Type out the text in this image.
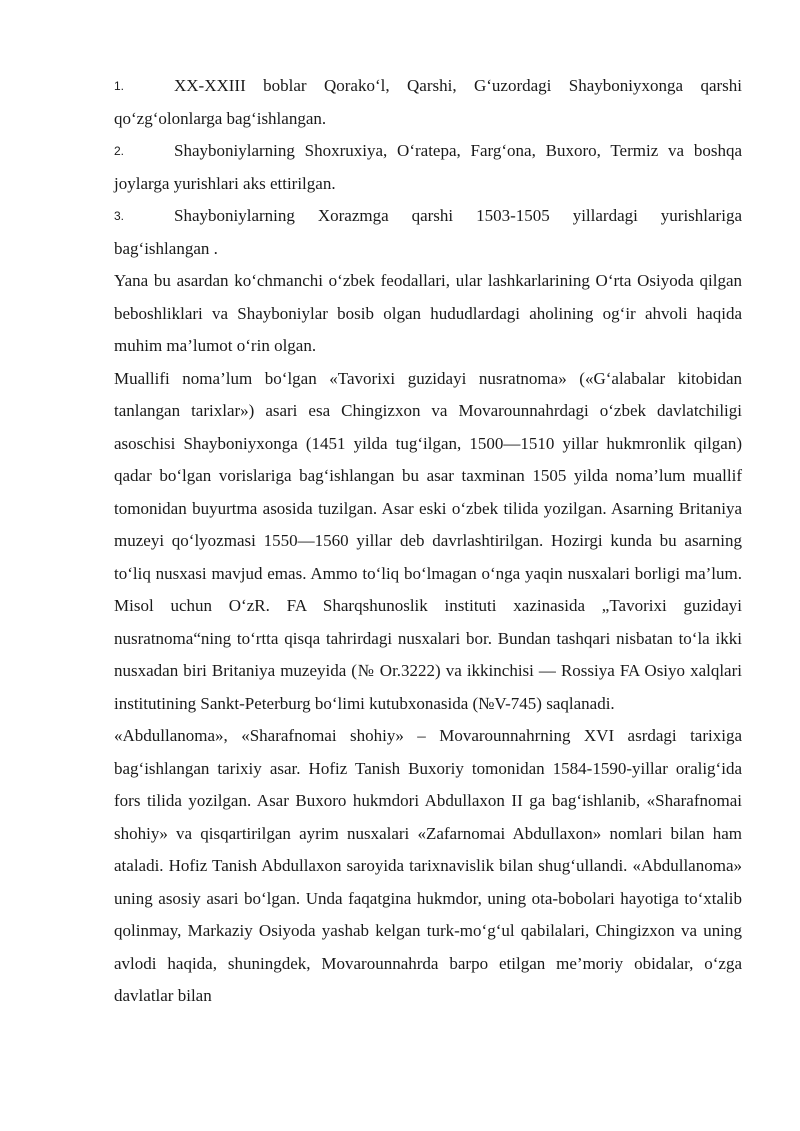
1.	XX-XXIII boblar Qorako‘l, Qarshi, G‘uzordagi Shayboniyxonga qarshi qo‘zg‘olonlarga bag‘ishlangan.

2.	Shayboniylarning Shoxruxiya, O‘ratepa, Farg‘ona, Buxoro, Termiz va boshqa joylarga yurishlari aks ettirilgan.

3.	Shayboniylarning Xorazmga qarshi 1503-1505 yillardagi yurishlariga bag‘ishlangan .

Yana bu asardan ko‘chmanchi o‘zbek feodallari, ular lashkarlarining O‘rta Osiyoda qilgan beboshliklari va Shayboniylar bosib olgan hududlardagi aholining og‘ir ahvoli haqida muhim ma’lumot o‘rin olgan.

Muallifi noma’lum bo‘lgan «Tavorixi guzidayi nusratnoma» («G‘alabalar kitobidan tanlangan tarixlar») asari esa Chingizxon va Movarounnahrdagi o‘zbek davlatchiligi asoschisi Shayboniyxonga (1451 yilda tug‘ilgan, 1500—1510 yillar hukmronlik qilgan) qadar bo‘lgan vorislariga bag‘ishlangan bu asar taxminan 1505 yilda noma’lum muallif tomonidan buyurtma asosida tuzilgan. Asar eski o‘zbek tilida yozilgan. Asarning Britaniya muzeyi qo‘lyozmasi 1550—1560 yillar deb davrlashtirilgan. Hozirgi kunda bu asarning to‘liq nusxasi mavjud emas. Ammo to‘liq bo‘lmagan o‘nga yaqin nusxalari borligi ma’lum. Misol uchun O‘zR. FA Sharqshunoslik instituti xazinasida „Tavorixi guzidayi nusratnoma“ning to‘rtta qisqa tahrirdagi nusxalari bor. Bundan tashqari nisbatan to‘la ikki nusxadan biri Britaniya muzeyida (№ Or.3222) va ikkinchisi — Rossiya FA Osiyo xalqlari institutining Sankt-Peterburg bo‘limi kutubxonasida (№V-745) saqlanadi.

«Abdullanoma», «Sharafnomai shohiy» – Movarounnahrning XVI asrdagi tarixiga bag‘ishlangan tarixiy asar. Hofiz Tanish Buxoriy tomonidan 1584-1590-yillar oralig‘ida fors tilida yozilgan. Asar Buxoro hukmdori Abdullaxon II ga bag‘ishlanib, «Sharafnomai shohiy» va qisqartirilgan ayrim nusxalari «Zafarnomai Abdullaxon» nomlari bilan ham ataladi. Hofiz Tanish Abdullaxon saroyida tarixnavislik bilan shug‘ullandi. «Abdullanoma» uning asosiy asari bo‘lgan. Unda faqatgina hukmdor, uning ota-bobolari hayotiga to‘xtalib qolinmay, Markaziy Osiyoda yashab kelgan turk-mo‘g‘ul qabilalari, Chingizxon va uning avlodi haqida, shuningdek, Movarounnahrda barpo etilgan me’moriy obidalar, o‘zga davlatlar bilan
